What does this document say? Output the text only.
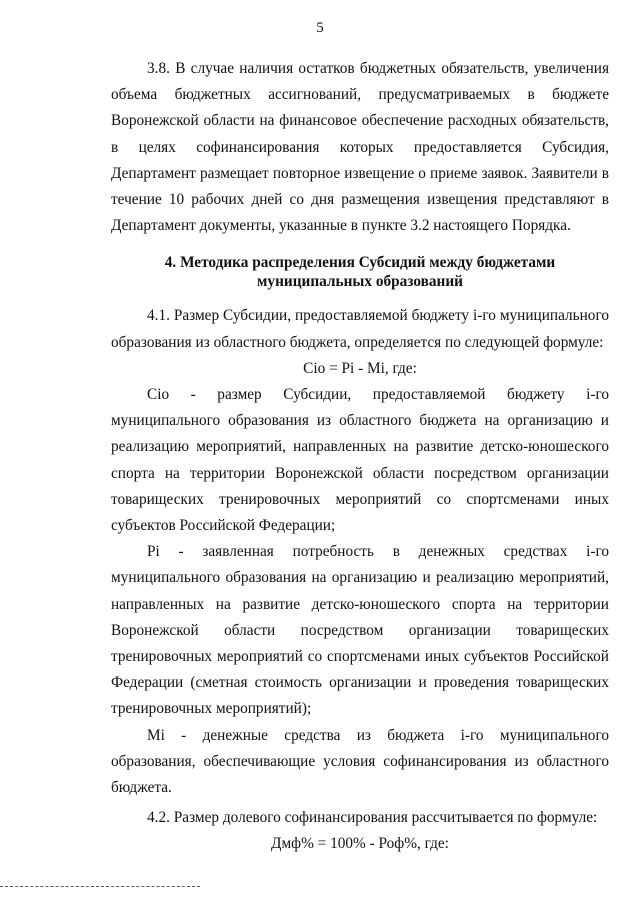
5

3.8. В случае наличия остатков бюджетных обязательств, увеличения объема бюджетных ассигнований, предусматриваемых в бюджете Воронежской области на финансовое обеспечение расходных обязательств, в целях софинансирования которых предоставляется Субсидия, Департамент размещает повторное извещение о приеме заявок. Заявители в течение 10 рабочих дней со дня размещения извещения представляют в Департамент документы, указанные в пункте 3.2 настоящего Порядка.

4. Методика распределения Субсидий между бюджетами
муниципальных образований

4.1. Размер Субсидии, предоставляемой бюджету i-го муниципального образования из областного бюджета, определяется по следующей формуле:

Cio = Pi - Mi, где:

Cio - размер Субсидии, предоставляемой бюджету i-го муниципального образования из областного бюджета на организацию и реализацию мероприятий, направленных на развитие детско-юношеского спорта на территории Воронежской области посредством организации товарищеских тренировочных мероприятий со спортсменами иных субъектов Российской Федерации;

Pi - заявленная потребность в денежных средствах i-го муниципального образования на организацию и реализацию мероприятий, направленных на развитие детско-юношеского спорта на территории Воронежской области посредством организации товарищеских тренировочных мероприятий со спортсменами иных субъектов Российской Федерации (сметная стоимость организации и проведения товарищеских тренировочных мероприятий);

Mi - денежные средства из бюджета i-го муниципального образования, обеспечивающие условия софинансирования из областного бюджета.

4.2. Размер долевого софинансирования рассчитывается по формуле:

Дмф% = 100% - Роф%, где:
